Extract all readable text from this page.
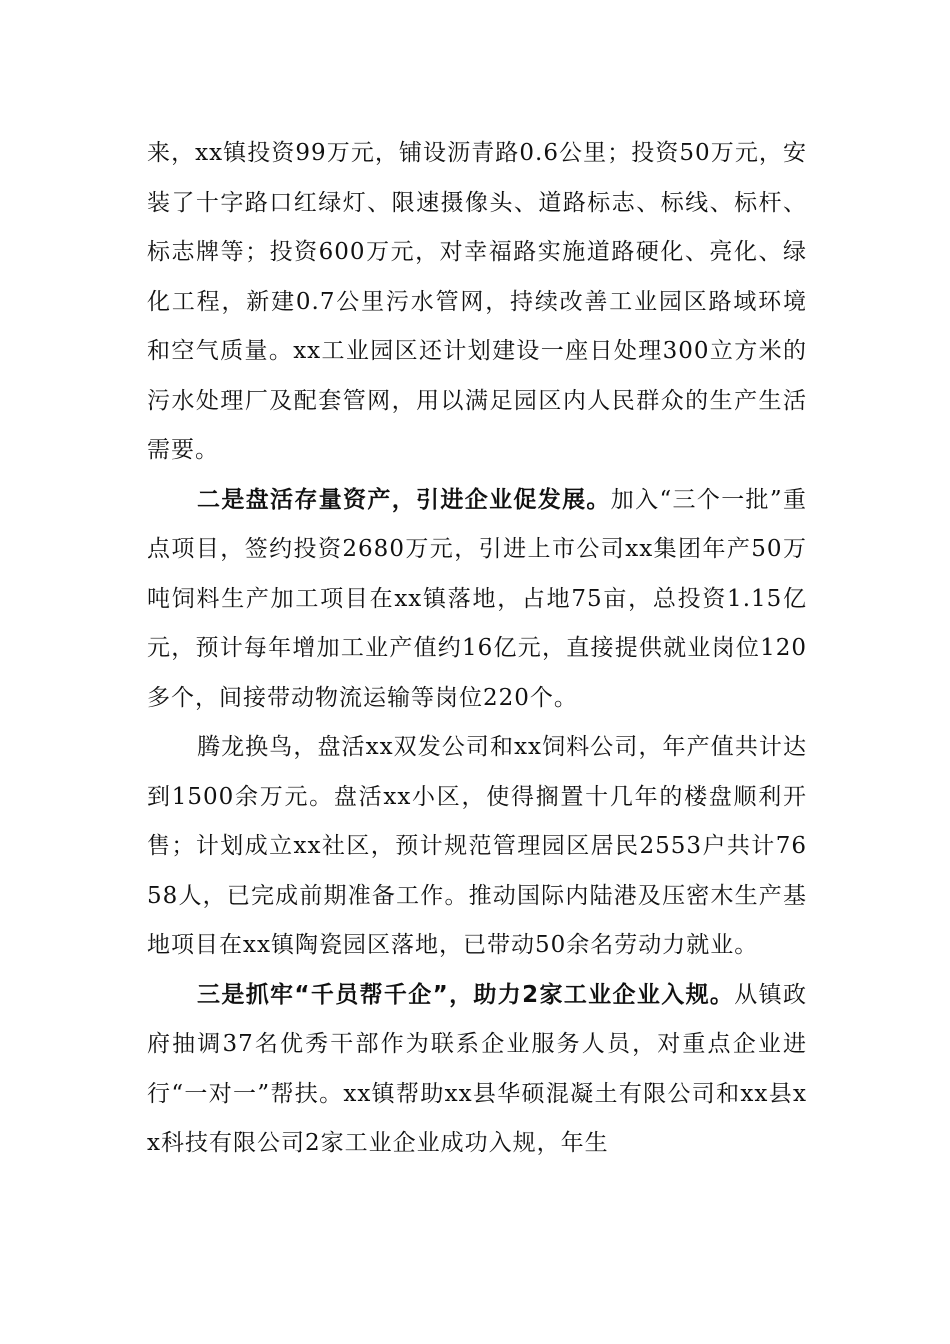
来，xx镇投资99万元，铺设沥青路0.6公里；投资50万元，安装了十字路口红绿灯、限速摄像头、道路标志、标线、标杆、标志牌等；投资600万元，对幸福路实施道路硬化、亮化、绿化工程，新建0.7公里污水管网，持续改善工业园区路域环境和空气质量。xx工业园区还计划建设一座日处理300立方米的污水处理厂及配套管网，用以满足园区内人民群众的生产生活需要。

二是盘活存量资产，引进企业促发展。加入“三个一批”重点项目，签约投资2680万元，引进上市公司xx集团年产50万吨饲料生产加工项目在xx镇落地，占地75亩，总投资1.15亿元，预计每年增加工业产值约16亿元，直接提供就业岗位120多个，间接带动物流运输等岗位220个。

腾龙换鸟，盘活xx双发公司和xx饲料公司，年产值共计达到1500余万元。盘活xx小区，使得搁置十几年的楼盘顺利开售；计划成立xx社区，预计规范管理园区居民2553户共计7658人，已完成前期准备工作。推动国际内陆港及压密木生产基地项目在xx镇陶瓷园区落地，已带动50余名劳动力就业。

三是抓牢“千员帮千企”，助力2家工业企业入规。从镇政府抽调37名优秀干部作为联系企业服务人员，对重点企业进行“一对一”帮扶。xx镇帮助xx县华硕混凝土有限公司和xx县xx科技有限公司2家工业企业成功入规，年生
